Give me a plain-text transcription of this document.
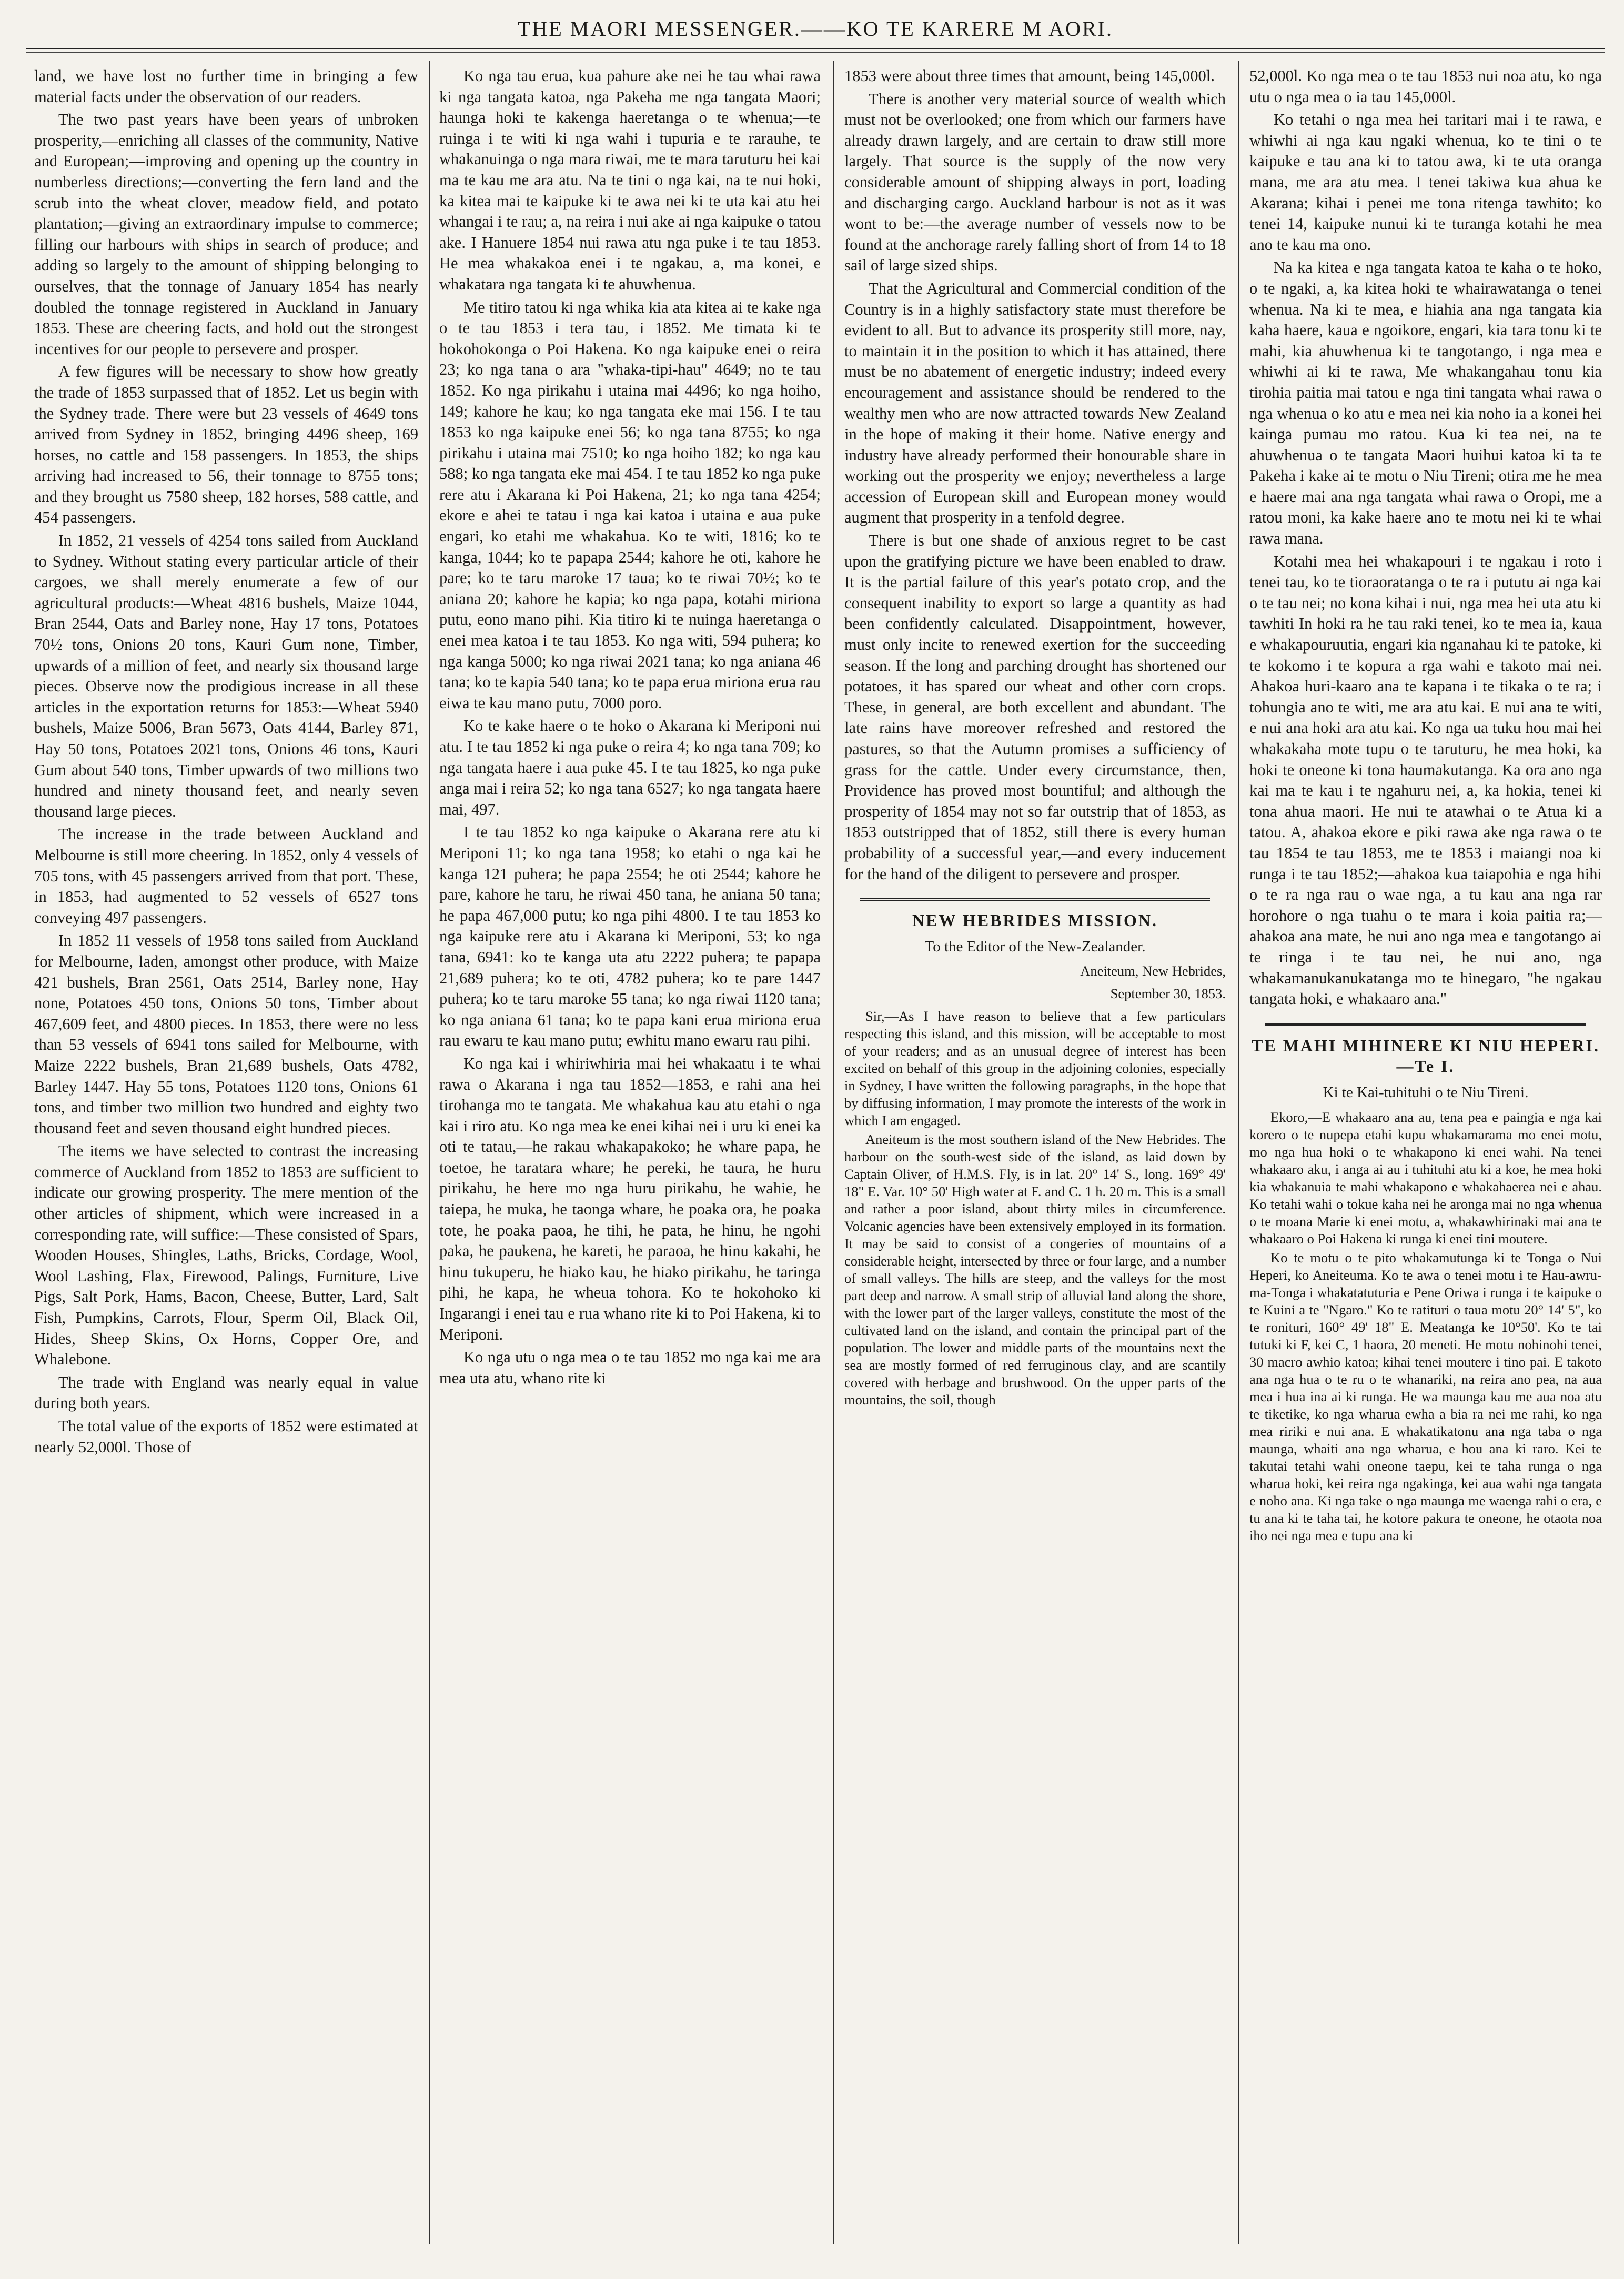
THE MAORI MESSENGER.——KO TE KARERE M AORI.

land, we have lost no further time in bringing a few material facts under the observation of our readers.

The two past years have been years of unbroken prosperity,—enriching all classes of the community, Native and European;—improving and opening up the country in numberless directions;—converting the fern land and the scrub into the wheat clover, meadow field, and potato plantation;—giving an extraordinary impulse to commerce; filling our harbours with ships in search of produce; and adding so largely to the amount of shipping belonging to ourselves, that the tonnage of January 1854 has nearly doubled the tonnage registered in Auckland in January 1853. These are cheering facts, and hold out the strongest incentives for our people to persevere and prosper.

A few figures will be necessary to show how greatly the trade of 1853 surpassed that of 1852. Let us begin with the Sydney trade. There were but 23 vessels of 4649 tons arrived from Sydney in 1852, bringing 4496 sheep, 169 horses, no cattle and 158 passengers. In 1853, the ships arriving had increased to 56, their tonnage to 8755 tons; and they brought us 7580 sheep, 182 horses, 588 cattle, and 454 passengers.

In 1852, 21 vessels of 4254 tons sailed from Auckland to Sydney. Without stating every particular article of their cargoes, we shall merely enumerate a few of our agricultural products:—Wheat 4816 bushels, Maize 1044, Bran 2544, Oats and Barley none, Hay 17 tons, Potatoes 70½ tons, Onions 20 tons, Kauri Gum none, Timber, upwards of a million of feet, and nearly six thousand large pieces. Observe now the prodigious increase in all these articles in the exportation returns for 1853:—Wheat 5940 bushels, Maize 5006, Bran 5673, Oats 4144, Barley 871, Hay 50 tons, Potatoes 2021 tons, Onions 46 tons, Kauri Gum about 540 tons, Timber upwards of two millions two hundred and ninety thousand feet, and nearly seven thousand large pieces.

The increase in the trade between Auckland and Melbourne is still more cheering. In 1852, only 4 vessels of 705 tons, with 45 passengers arrived from that port. These, in 1853, had augmented to 52 vessels of 6527 tons conveying 497 passengers.

In 1852 11 vessels of 1958 tons sailed from Auckland for Melbourne, laden, amongst other produce, with Maize 421 bushels, Bran 2561, Oats 2514, Barley none, Hay none, Potatoes 450 tons, Onions 50 tons, Timber about 467,609 feet, and 4800 pieces. In 1853, there were no less than 53 vessels of 6941 tons sailed for Melbourne, with Maize 2222 bushels, Bran 21,689 bushels, Oats 4782, Barley 1447. Hay 55 tons, Potatoes 1120 tons, Onions 61 tons, and timber two million two hundred and eighty two thousand feet and seven thousand eight hundred pieces.

The items we have selected to contrast the increasing commerce of Auckland from 1852 to 1853 are sufficient to indicate our growing prosperity. The mere mention of the other articles of shipment, which were increased in a corresponding rate, will suffice:—These consisted of Spars, Wooden Houses, Shingles, Laths, Bricks, Cordage, Wool, Wool Lashing, Flax, Firewood, Palings, Furniture, Live Pigs, Salt Pork, Hams, Bacon, Cheese, Butter, Lard, Salt Fish, Pumpkins, Carrots, Flour, Sperm Oil, Black Oil, Hides, Sheep Skins, Ox Horns, Copper Ore, and Whalebone.

The trade with England was nearly equal in value during both years.

The total value of the exports of 1852 were estimated at nearly 52,000l. Those of

Ko nga tau erua, kua pahure ake nei he tau whai rawa ki nga tangata katoa, nga Pakeha me nga tangata Maori; haunga hoki te kakenga haeretanga o te whenua;—te ruinga i te witi ki nga wahi i tupuria e te rarauhe, te whakanuinga o nga mara riwai, me te mara taruturu hei kai ma te kau me ara atu. Na te tini o nga kai, na te nui hoki, ka kitea mai te kaipuke ki te awa nei ki te uta kai atu hei whangai i te rau; a, na reira i nui ake ai nga kaipuke o tatou ake. I Hanuere 1854 nui rawa atu nga puke i te tau 1853. He mea whakakoa enei i te ngakau, a, ma konei, e whakatara nga tangata ki te ahuwhenua.

Me titiro tatou ki nga whika kia ata kitea ai te kake nga o te tau 1853 i tera tau, i 1852. Me timata ki te hokohokonga o Poi Hakena. Ko nga kaipuke enei o reira 23; ko nga tana o ara "whaka-tipi-hau" 4649; no te tau 1852. Ko nga pirikahu i utaina mai 4496; ko nga hoiho, 149; kahore he kau; ko nga tangata eke mai 156. I te tau 1853 ko nga kaipuke enei 56; ko nga tana 8755; ko nga pirikahu i utaina mai 7510; ko nga hoiho 182; ko nga kau 588; ko nga tangata eke mai 454. I te tau 1852 ko nga puke rere atu i Akarana ki Poi Hakena, 21; ko nga tana 4254; ekore e ahei te tatau i nga kai katoa i utaina e aua puke engari, ko etahi me whakahua. Ko te witi, 1816; ko te kanga, 1044; ko te papapa 2544; kahore he oti, kahore he pare; ko te taru maroke 17 taua; ko te riwai 70½; ko te aniana 20; kahore he kapia; ko nga papa, kotahi miriona putu, eono mano pihi. Kia titiro ki te nuinga haeretanga o enei mea katoa i te tau 1853. Ko nga witi, 594 puhera; ko nga kanga 5000; ko nga riwai 2021 tana; ko nga aniana 46 tana; ko te kapia 540 tana; ko te papa erua miriona erua rau eiwa te kau mano putu, 7000 poro.

Ko te kake haere o te hoko o Akarana ki Meriponi nui atu. I te tau 1852 ki nga puke o reira 4; ko nga tana 709; ko nga tangata haere i aua puke 45. I te tau 1825, ko nga puke anga mai i reira 52; ko nga tana 6527; ko nga tangata haere mai, 497.

I te tau 1852 ko nga kaipuke o Akarana rere atu ki Meriponi 11; ko nga tana 1958; ko etahi o nga kai he kanga 121 puhera; he papa 2554; he oti 2544; kahore he pare, kahore he taru, he riwai 450 tana, he aniana 50 tana; he papa 467,000 putu; ko nga pihi 4800. I te tau 1853 ko nga kaipuke rere atu i Akarana ki Meriponi, 53; ko nga tana, 6941: ko te kanga uta atu 2222 puhera; te papapa 21,689 puhera; ko te oti, 4782 puhera; ko te pare 1447 puhera; ko te taru maroke 55 tana; ko nga riwai 1120 tana; ko nga aniana 61 tana; ko te papa kani erua miriona erua rau ewaru te kau mano putu; ewhitu mano ewaru rau pihi.

Ko nga kai i whiriwhiria mai hei whakaatu i te whai rawa o Akarana i nga tau 1852—1853, e rahi ana hei tirohanga mo te tangata. Me whakahua kau atu etahi o nga kai i riro atu. Ko nga mea ke enei kihai nei i uru ki enei ka oti te tatau,—he rakau whakapakoko; he whare papa, he toetoe, he taratara whare; he pereki, he taura, he huru pirikahu, he here mo nga huru pirikahu, he wahie, he taiepa, he muka, he taonga whare, he poaka ora, he poaka tote, he poaka paoa, he tihi, he pata, he hinu, he ngohi paka, he paukena, he kareti, he paraoa, he hinu kakahi, he hinu tukuperu, he hiako kau, he hiako pirikahu, he taringa pihi, he kapa, he wheua tohora. Ko te hokohoko ki Ingarangi i enei tau e rua whano rite ki to Poi Hakena, ki to Meriponi.

Ko nga utu o nga mea o te tau 1852 mo nga kai me ara mea uta atu, whano rite ki

1853 were about three times that amount, being 145,000l.

There is another very material source of wealth which must not be overlooked; one from which our farmers have already drawn largely, and are certain to draw still more largely. That source is the supply of the now very considerable amount of shipping always in port, loading and discharging cargo. Auckland harbour is not as it was wont to be:—the average number of vessels now to be found at the anchorage rarely falling short of from 14 to 18 sail of large sized ships.

That the Agricultural and Commercial condition of the Country is in a highly satisfactory state must therefore be evident to all. But to advance its prosperity still more, nay, to maintain it in the position to which it has attained, there must be no abatement of energetic industry; indeed every encouragement and assistance should be rendered to the wealthy men who are now attracted towards New Zealand in the hope of making it their home. Native energy and industry have already performed their honourable share in working out the prosperity we enjoy; nevertheless a large accession of European skill and European money would augment that prosperity in a tenfold degree.

There is but one shade of anxious regret to be cast upon the gratifying picture we have been enabled to draw. It is the partial failure of this year's potato crop, and the consequent inability to export so large a quantity as had been confidently calculated. Disappointment, however, must only incite to renewed exertion for the succeeding season. If the long and parching drought has shortened our potatoes, it has spared our wheat and other corn crops. These, in general, are both excellent and abundant. The late rains have moreover refreshed and restored the pastures, so that the Autumn promises a sufficiency of grass for the cattle. Under every circumstance, then, Providence has proved most bountiful; and although the prosperity of 1854 may not so far outstrip that of 1853, as 1853 outstripped that of 1852, still there is every human probability of a successful year,—and every inducement for the hand of the diligent to persevere and prosper.

NEW HEBRIDES MISSION.
To the Editor of the New-Zealander.
Aneiteum, New Hebrides,
September 30, 1853.

Sir,—As I have reason to believe that a few particulars respecting this island, and this mission, will be acceptable to most of your readers; and as an unusual degree of interest has been excited on behalf of this group in the adjoining colonies, especially in Sydney, I have written the following paragraphs, in the hope that by diffusing information, I may promote the interests of the work in which I am engaged.

Aneiteum is the most southern island of the New Hebrides. The harbour on the south-west side of the island, as laid down by Captain Oliver, of H.M.S. Fly, is in lat. 20° 14' S., long. 169° 49' 18" E. Var. 10° 50' High water at F. and C. 1 h. 20 m. This is a small and rather a poor island, about thirty miles in circumference. Volcanic agencies have been extensively employed in its formation. It may be said to consist of a congeries of mountains of a considerable height, intersected by three or four large, and a number of small valleys. The hills are steep, and the valleys for the most part deep and narrow. A small strip of alluvial land along the shore, with the lower part of the larger valleys, constitute the most of the cultivated land on the island, and contain the principal part of the population. The lower and middle parts of the mountains next the sea are mostly formed of red ferruginous clay, and are scantily covered with herbage and brushwood. On the upper parts of the mountains, the soil, though

52,000l. Ko nga mea o te tau 1853 nui noa atu, ko nga utu o nga mea o ia tau 145,000l.

Ko tetahi o nga mea hei taritari mai i te rawa, e whiwhi ai nga kau ngaki whenua, ko te tini o te kaipuke e tau ana ki to tatou awa, ki te uta oranga mana, me ara atu mea. I tenei takiwa kua ahua ke Akarana; kihai i penei me tona ritenga tawhito; ko tenei 14, kaipuke nunui ki te turanga kotahi he mea ano te kau ma ono.

Na ka kitea e nga tangata katoa te kaha o te hoko, o te ngaki, a, ka kitea hoki te whairawatanga o tenei whenua. Na ki te mea, e hiahia ana nga tangata kia kaha haere, kaua e ngoikore, engari, kia tara tonu ki te mahi, kia ahuwhenua ki te tangotango, i nga mea e whiwhi ai ki te rawa, Me whakangahau tonu kia tirohia paitia mai tatou e nga tini tangata whai rawa o nga whenua o ko atu e mea nei kia noho ia a konei hei kainga pumau mo ratou. Kua ki tea nei, na te ahuwhenua o te tangata Maori huihui katoa ki ta te Pakeha i kake ai te motu o Niu Tireni; otira me he mea e haere mai ana nga tangata whai rawa o Oropi, me a ratou moni, ka kake haere ano te motu nei ki te whai rawa mana.

Kotahi mea hei whakapouri i te ngakau i roto i tenei tau, ko te tioraoratanga o te ra i pututu ai nga kai o te tau nei; no kona kihai i nui, nga mea hei uta atu ki tawhiti In hoki ra he tau raki tenei, ko te mea ia, kaua e whakapouruutia, engari kia nganahau ki te patoke, ki te kokomo i te kopura a rga wahi e takoto mai nei. Ahakoa huri-kaaro ana te kapana i te tikaka o te ra; i tohungia ano te witi, me ara atu kai. E nui ana te witi, e nui ana hoki ara atu kai. Ko nga ua tuku hou mai hei whakakaha mote tupu o te taruturu, he mea hoki, ka hoki te oneone ki tona haumakutanga. Ka ora ano nga kai ma te kau i te ngahuru nei, a, ka hokia, tenei ki tona ahua maori. He nui te atawhai o te Atua ki a tatou. A, ahakoa ekore e piki rawa ake nga rawa o te tau 1854 te tau 1853, me te 1853 i maiangi noa ki runga i te tau 1852;—ahakoa kua taiapohia e nga hihi o te ra nga rau o wae nga, a tu kau ana nga rar horohore o nga tuahu o te mara i koia paitia ra;—ahakoa ana mate, he nui ano nga mea e tangotango ai te ringa i te tau nei, he nui ano, nga whakamanukanukatanga mo te hinegaro, "he ngakau tangata hoki, e whakaaro ana."

TE MAHI MIHINERE KI NIU HEPERI.—Te I.
Ki te Kai-tuhituhi o te Niu Tireni.

Ekoro,—E whakaaro ana au, tena pea e paingia e nga kai korero o te nupepa etahi kupu whakamarama mo enei motu, mo nga hua hoki o te whakapono ki enei wahi. Na tenei whakaaro aku, i anga ai au i tuhituhi atu ki a koe, he mea hoki kia whakanuia te mahi whakapono e whakahaerea nei e ahau. Ko tetahi wahi o tokue kaha nei he aronga mai no nga whenua o te moana Marie ki enei motu, a, whakawhirinaki mai ana te whakaaro o Poi Hakena ki runga ki enei tini moutere.

Ko te motu o te pito whakamutunga ki te Tonga o Nui Heperi, ko Aneiteuma. Ko te awa o tenei motu i te Hau-awru-ma-Tonga i whakatatuturia e Pene Oriwa i runga i te kaipuke o te Kuini a te "Ngaro." Ko te ratituri o taua motu 20° 14' 5", ko te ronituri, 160° 49' 18" E. Meatanga ke 10°50'. Ko te tai tutuki ki F, kei C, 1 haora, 20 meneti. He motu nohinohi tenei, 30 macro awhio katoa; kihai tenei moutere i tino pai. E takoto ana nga hua o te ru o te whanariki, na reira ano pea, na aua mea i hua ina ai ki runga. He wa maunga kau me aua noa atu te tiketike, ko nga wharua ewha a bia ra nei me rahi, ko nga mea ririki e nui ana. E whakatikatonu ana nga taba o nga maunga, whaiti ana nga wharua, e hou ana ki raro. Kei te takutai tetahi wahi oneone taepu, kei te taha runga o nga wharua hoki, kei reira nga ngakinga, kei aua wahi nga tangata e noho ana. Ki nga take o nga maunga me waenga rahi o era, e tu ana ki te taha tai, he kotore pakura te oneone, he otaota noa iho nei nga mea e tupu ana ki
